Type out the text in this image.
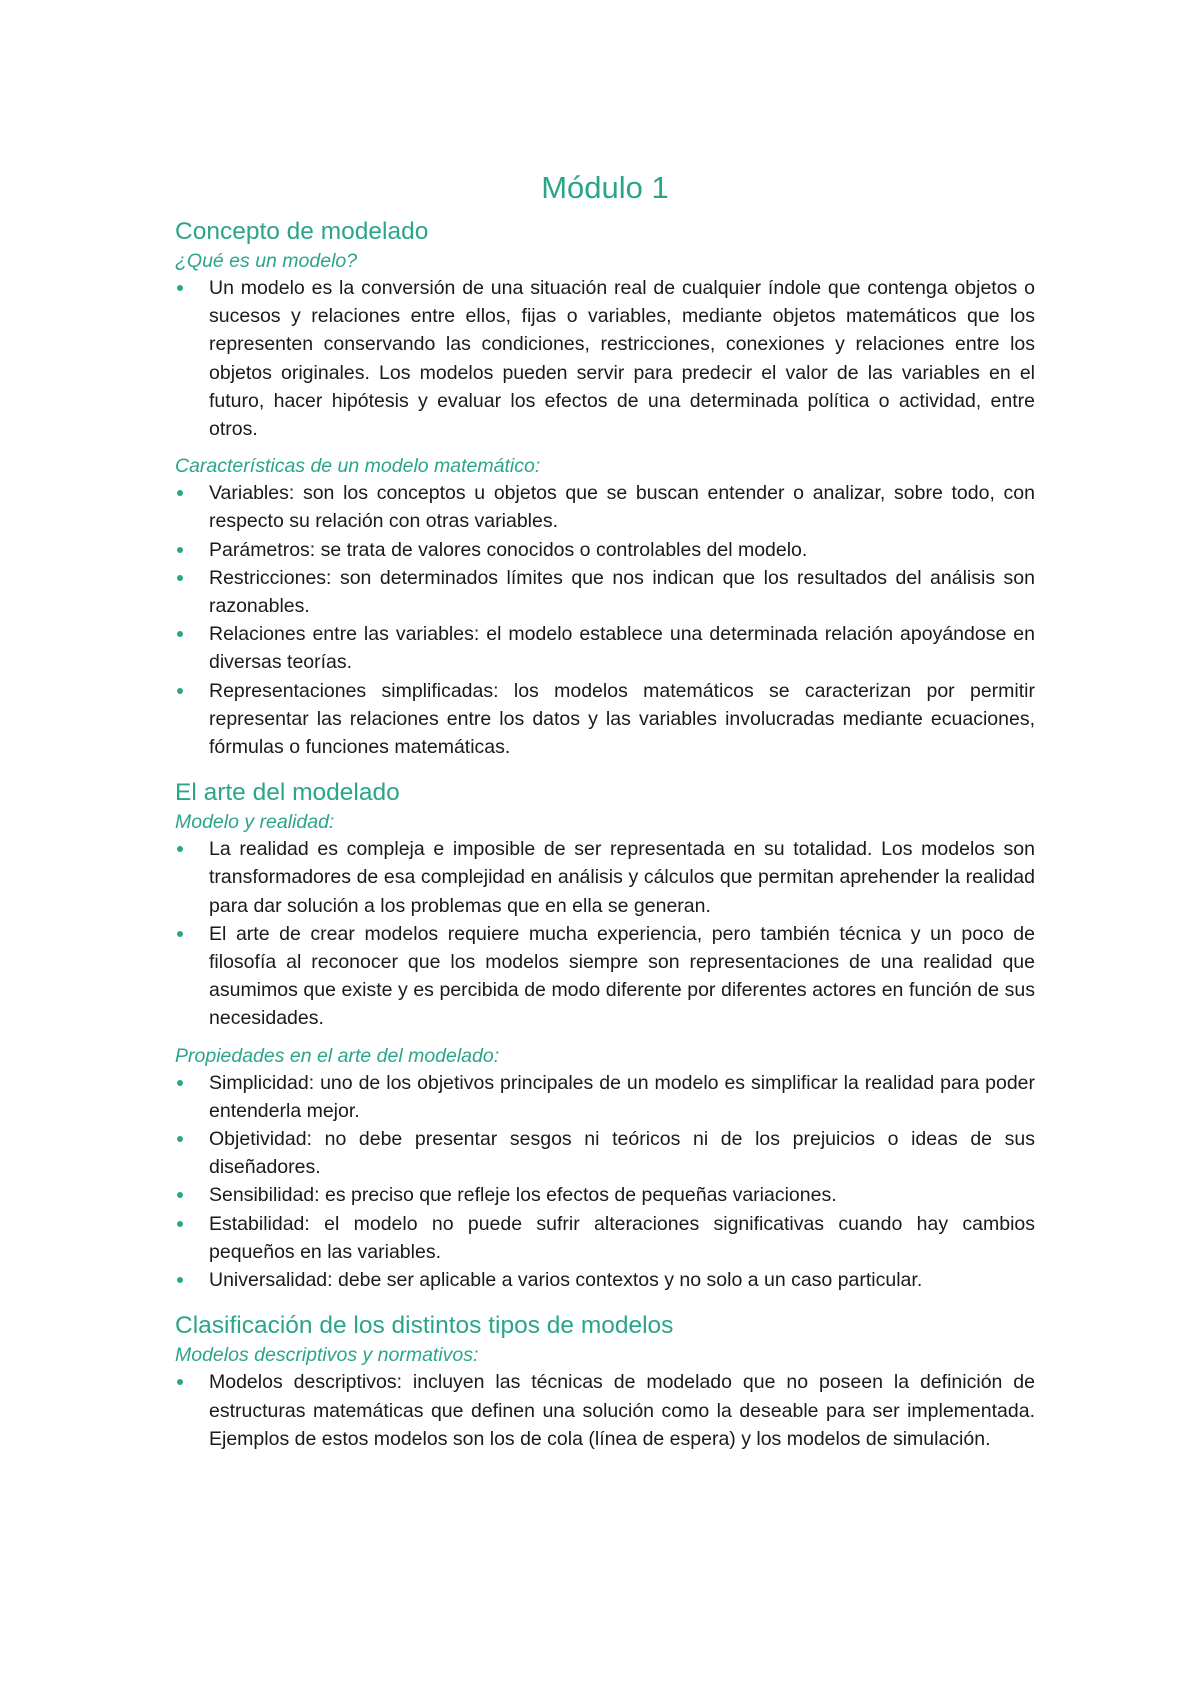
Módulo 1
Concepto de modelado
¿Qué es un modelo?
Un modelo es la conversión de una situación real de cualquier índole que contenga objetos o sucesos y relaciones entre ellos, fijas o variables, mediante objetos matemáticos que los representen conservando las condiciones, restricciones, conexiones y relaciones entre los objetos originales. Los modelos pueden servir para predecir el valor de las variables en el futuro, hacer hipótesis y evaluar los efectos de una determinada política o actividad, entre otros.
Características de un modelo matemático:
Variables: son los conceptos u objetos que se buscan entender o analizar, sobre todo, con respecto su relación con otras variables.
Parámetros: se trata de valores conocidos o controlables del modelo.
Restricciones: son determinados límites que nos indican que los resultados del análisis son razonables.
Relaciones entre las variables: el modelo establece una determinada relación apoyándose en diversas teorías.
Representaciones simplificadas: los modelos matemáticos se caracterizan por permitir representar las relaciones entre los datos y las variables involucradas mediante ecuaciones, fórmulas o funciones matemáticas.
El arte del modelado
Modelo y realidad:
La realidad es compleja e imposible de ser representada en su totalidad. Los modelos son transformadores de esa complejidad en análisis y cálculos que permitan aprehender la realidad para dar solución a los problemas que en ella se generan.
El arte de crear modelos requiere mucha experiencia, pero también técnica y un poco de filosofía al reconocer que los modelos siempre son representaciones de una realidad que asumimos que existe y es percibida de modo diferente por diferentes actores en función de sus necesidades.
Propiedades en el arte del modelado:
Simplicidad: uno de los objetivos principales de un modelo es simplificar la realidad para poder entenderla mejor.
Objetividad: no debe presentar sesgos ni teóricos ni de los prejuicios o ideas de sus diseñadores.
Sensibilidad: es preciso que refleje los efectos de pequeñas variaciones.
Estabilidad: el modelo no puede sufrir alteraciones significativas cuando hay cambios pequeños en las variables.
Universalidad: debe ser aplicable a varios contextos y no solo a un caso particular.
Clasificación de los distintos tipos de modelos
Modelos descriptivos y normativos:
Modelos descriptivos: incluyen las técnicas de modelado que no poseen la definición de estructuras matemáticas que definen una solución como la deseable para ser implementada. Ejemplos de estos modelos son los de cola (línea de espera) y los modelos de simulación.
